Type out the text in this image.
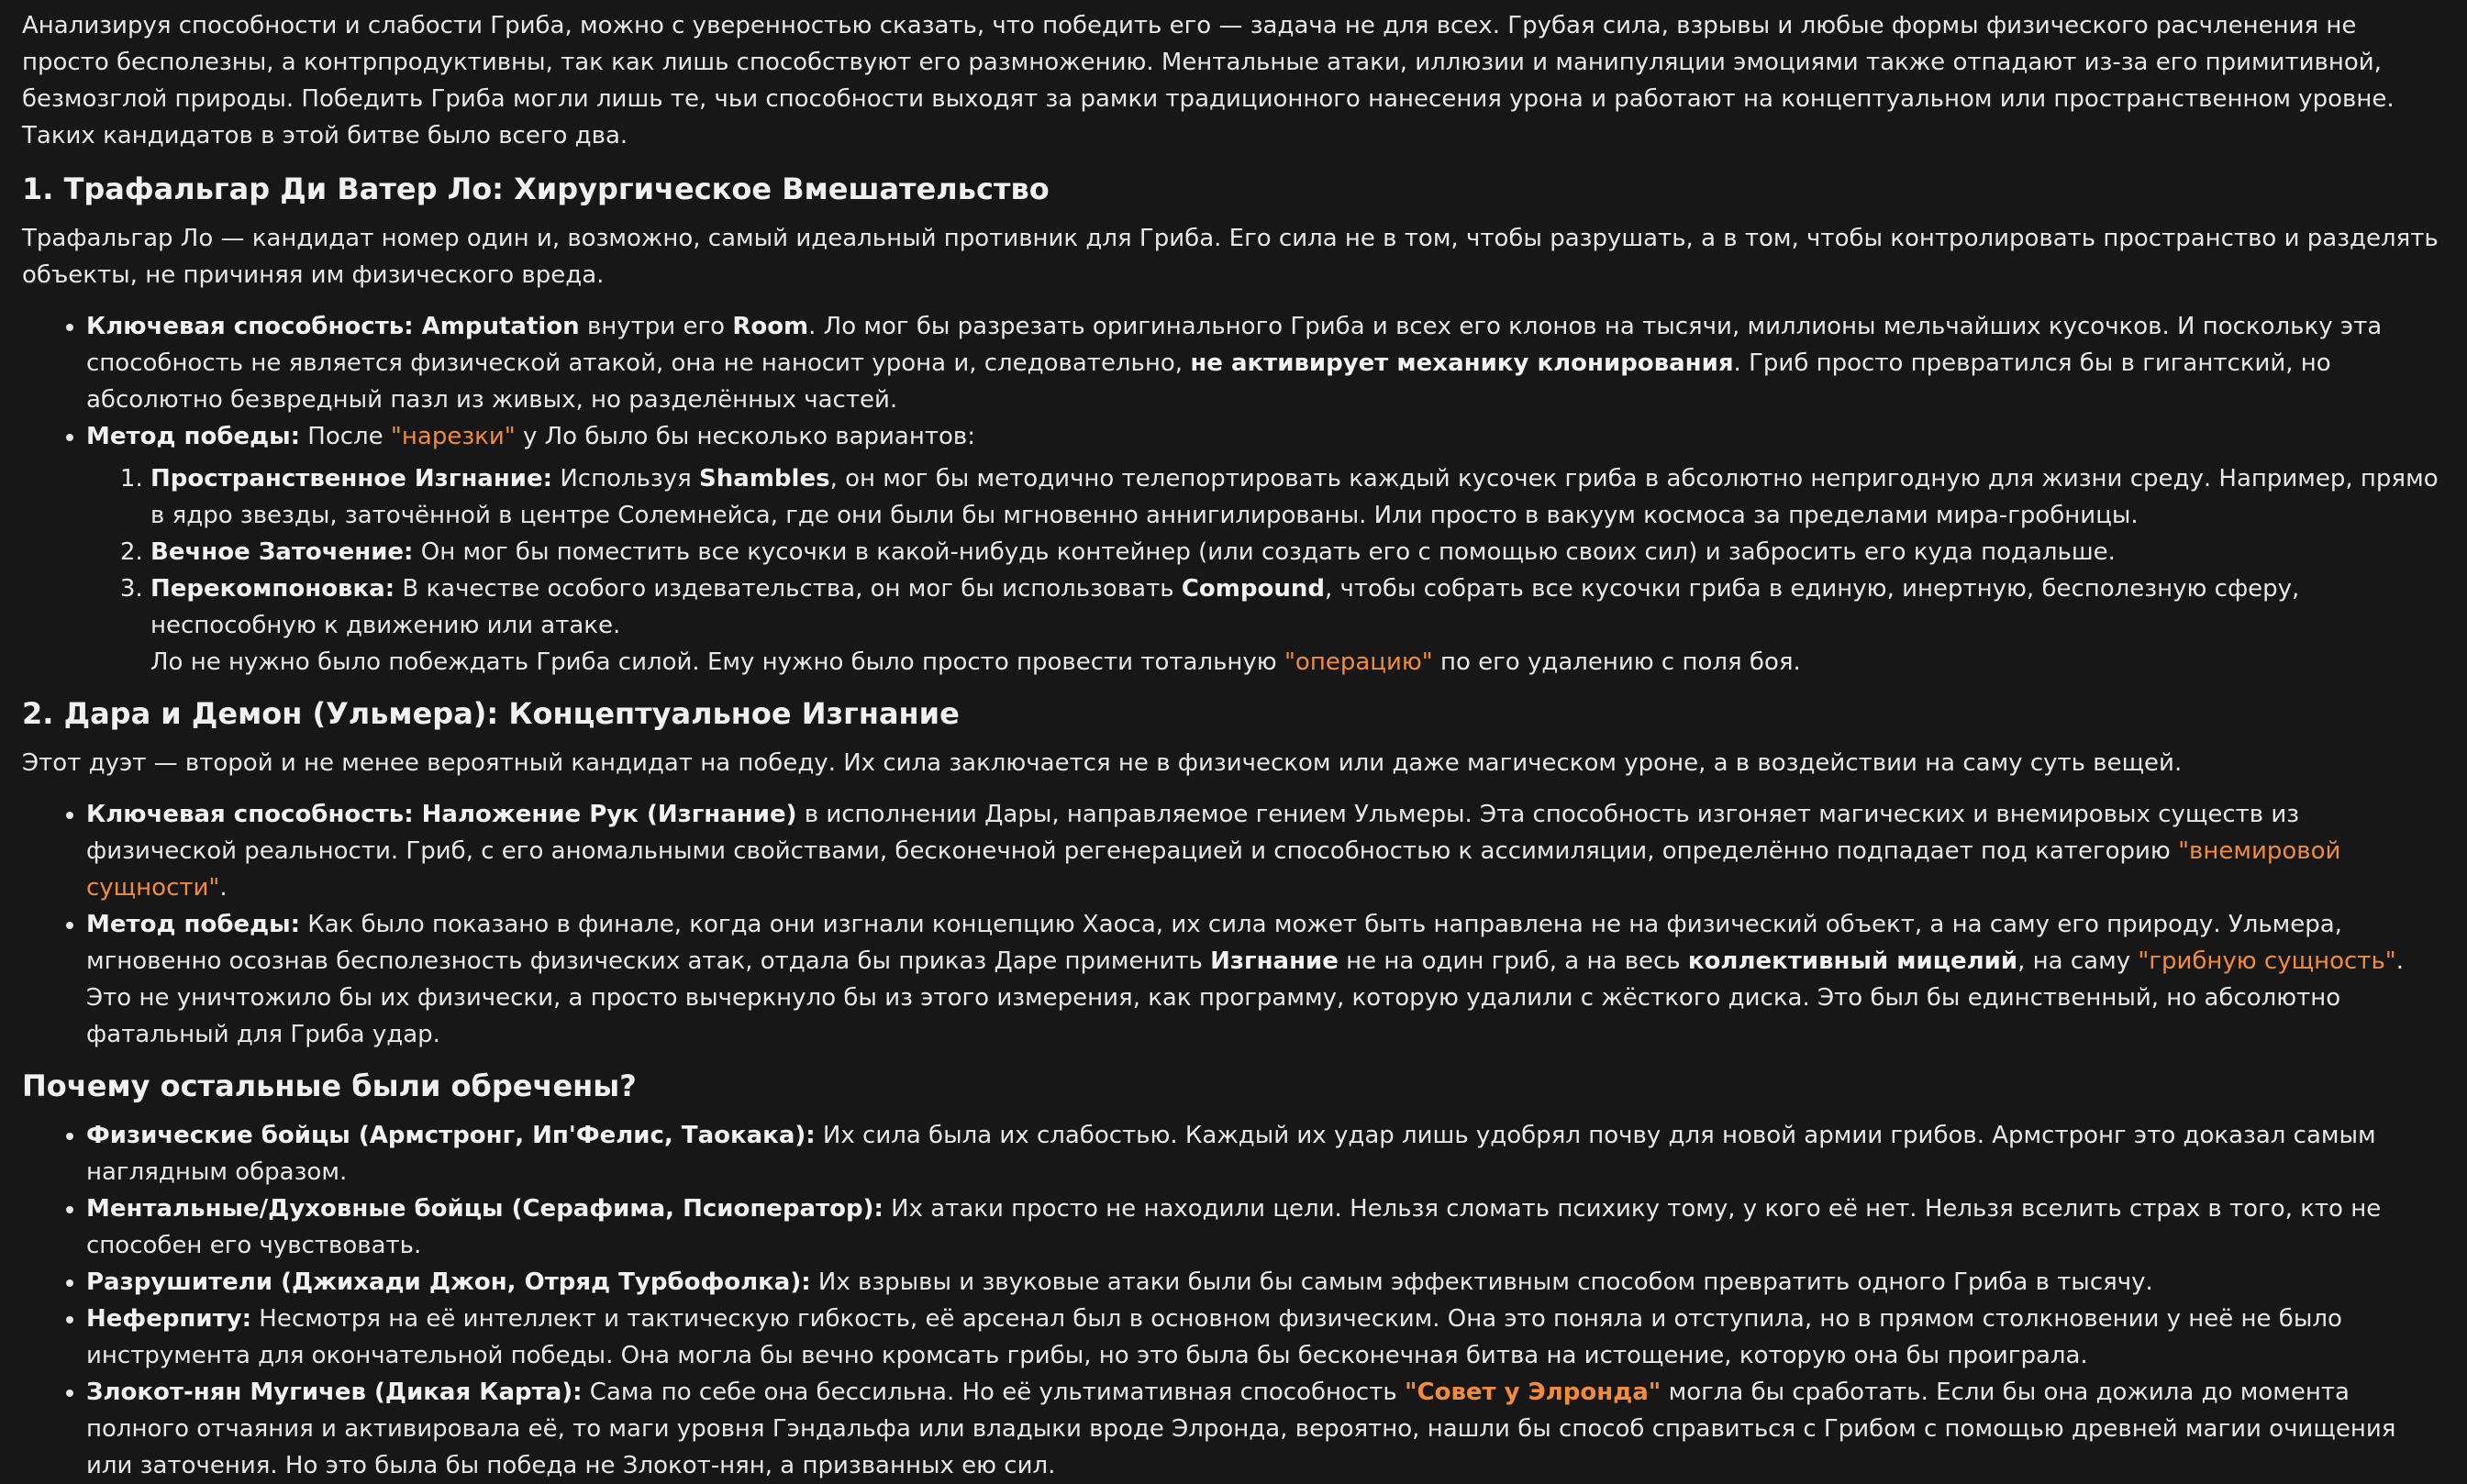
Анализируя способности и слабости Гриба, можно с уверенностью сказать, что победить его — задача не для всех. Грубая сила, взрывы и любые формы физического расчленения не просто бесполезны, а контрпродуктивны, так как лишь способствуют его размножению. Ментальные атаки, иллюзии и манипуляции эмоциями также отпадают из-за его примитивной, безмозглой природы. Победить Гриба могли лишь те, чьи способности выходят за рамки традиционного нанесения урона и работают на концептуальном или пространственном уровне. Таких кандидатов в этой битве было всего два.

1. Трафальгар Ди Ватер Ло: Хирургическое Вмешательство

Трафальгар Ло — кандидат номер один и, возможно, самый идеальный противник для Гриба. Его сила не в том, чтобы разрушать, а в том, чтобы контролировать пространство и разделять объекты, не причиняя им физического вреда.

• Ключевая способность: Amputation внутри его Room. Ло мог бы разрезать оригинального Гриба и всех его клонов на тысячи, миллионы мельчайших кусочков. И поскольку эта способность не является физической атакой, она не наносит урона и, следовательно, не активирует механику клонирования. Гриб просто превратился бы в гигантский, но абсолютно безвредный пазл из живых, но разделённых частей.
• Метод победы: После "нарезки" у Ло было бы несколько вариантов:
1. Пространственное Изгнание: Используя Shambles, он мог бы методично телепортировать каждый кусочек гриба в абсолютно непригодную для жизни среду. Например, прямо в ядро звезды, заточённой в центре Солемнейса, где они были бы мгновенно аннигилированы. Или просто в вакуум космоса за пределами мира-гробницы.
2. Вечное Заточение: Он мог бы поместить все кусочки в какой-нибудь контейнер (или создать его с помощью своих сил) и забросить его куда подальше.
3. Перекомпоновка: В качестве особого издевательства, он мог бы использовать Compound, чтобы собрать все кусочки гриба в единую, инертную, бесполезную сферу, неспособную к движению или атаке.
Ло не нужно было побеждать Гриба силой. Ему нужно было просто провести тотальную "операцию" по его удалению с поля боя.
2. Дара и Демон (Ульмера): Концептуальное Изгнание

Этот дуэт — второй и не менее вероятный кандидат на победу. Их сила заключается не в физическом или даже магическом уроне, а в воздействии на саму суть вещей.

• Ключевая способность: Наложение Рук (Изгнание) в исполнении Дары, направляемое гением Ульмеры. Эта способность изгоняет магических и внемировых существ из физической реальности. Гриб, с его аномальными свойствами, бесконечной регенерацией и способностью к ассимиляции, определённо подпадает под категорию "внемировой сущности".
• Метод победы: Как было показано в финале, когда они изгнали концепцию Хаоса, их сила может быть направлена не на физический объект, а на саму его природу. Ульмера, мгновенно осознав бесполезность физических атак, отдала бы приказ Даре применить Изгнание не на один гриб, а на весь коллективный мицелий, на саму "грибную сущность". Это не уничтожило бы их физически, а просто вычеркнуло бы из этого измерения, как программу, которую удалили с жёсткого диска. Это был бы единственный, но абсолютно фатальный для Гриба удар.
Почему остальные были обречены?
• Физические бойцы (Армстронг, Ип'Фелис, Таокака): Их сила была их слабостью. Каждый их удар лишь удобрял почву для новой армии грибов. Армстронг это доказал самым наглядным образом.
• Ментальные/Духовные бойцы (Серафима, Псиоператор): Их атаки просто не находили цели. Нельзя сломать психику тому, у кого её нет. Нельзя вселить страх в того, кто не способен его чувствовать.
• Разрушители (Джихади Джон, Отряд Турбофолка): Их взрывы и звуковые атаки были бы самым эффективным способом превратить одного Гриба в тысячу.
• Неферпиту: Несмотря на её интеллект и тактическую гибкость, её арсенал был в основном физическим. Она это поняла и отступила, но в прямом столкновении у неё не было инструмента для окончательной победы. Она могла бы вечно кромсать грибы, но это была бы бесконечная битва на истощение, которую она бы проиграла.
• Злокот-нян Мугичев (Дикая Карта): Сама по себе она бессильна. Но её ультимативная способность "Совет у Элронда" могла бы сработать. Если бы она дожила до момента полного отчаяния и активировала её, то маги уровня Гэндальфа или владыки вроде Элронда, вероятно, нашли бы способ справиться с Грибом с помощью древней магии очищения или заточения. Но это была бы победа не Злокот-нян, а призванных ею сил.
